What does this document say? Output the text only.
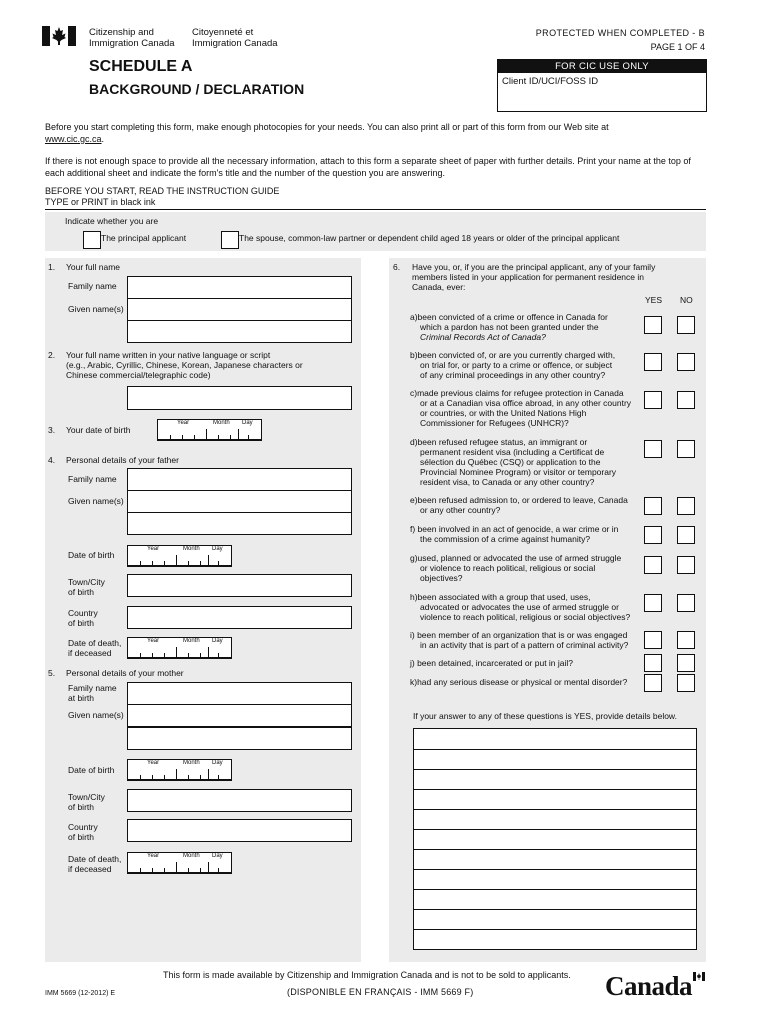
Citizenship and
Immigration Canada
Citoyenneté et
Immigration Canada
PROTECTED WHEN COMPLETED - B
PAGE 1 OF 4
SCHEDULE A
BACKGROUND / DECLARATION
FOR CIC USE ONLY
Client ID/UCI/FOSS ID
Before you start completing this form, make enough photocopies for your needs. You can also print all or part of this form from our Web site at
www.cic.gc.ca.
If there is not enough space to provide all the necessary information, attach to this form a separate sheet of paper with further details. Print your name at the top of each additional sheet and indicate the form's title and the number of the question you are answering.
BEFORE YOU START, READ THE INSTRUCTION GUIDE
TYPE or PRINT in black ink
Indicate whether you are
The principal applicant	The spouse, common-law partner or dependent child aged 18 years or older of the principal applicant
1. Your full name
Family name
Given name(s)
2. Your full name written in your native language or script
(e.g., Arabic, Cyrillic, Chinese, Korean, Japanese characters or
Chinese commercial/telegraphic code)
3. Your date of birth
Year	Month Day
4. Personal details of your father
Family name
Given name(s)
Date of birth
Year	Month Day
Town/City
of birth
Country
of birth
Date of death,
if deceased
Year	Month Day
5. Personal details of your mother
Family name
at birth
Given name(s)
Date of birth
Year	Month Day
Town/City
of birth
Country
of birth
Date of death,
if deceased
Year	Month Day
6. Have you, or, if you are the principal applicant, any of your family
members listed in your application for permanent residence in
Canada, ever:
YES NO
a)been convicted of a crime or offence in Canada for
which a pardon has not been granted under the
Criminal Records Act of Canada?
b)been convicted of, or are you currently charged with,
on trial for, or party to a crime or offence, or subject
of any criminal proceedings in any other country?
c)made previous claims for refugee protection in Canada
or at a Canadian visa office abroad, in any other country
or countries, or with the United Nations High
Commissioner for Refugees (UNHCR)?
d)been refused refugee status, an immigrant or
permanent resident visa (including a Certificat de
sélection du Québec (CSQ) or application to the
Provincial Nominee Program) or visitor or temporary
resident visa, to Canada or any other country?
e)been refused admission to, or ordered to leave, Canada
or any other country?
f) been involved in an act of genocide, a war crime or in
the commission of a crime against humanity?
g)used, planned or advocated the use of armed struggle
or violence to reach political, religious or social
objectives?
h)been associated with a group that used, uses,
advocated or advocates the use of armed struggle or
violence to reach political, religious or social objectives?
i) been member of an organization that is or was engaged
in an activity that is part of a pattern of criminal activity?
j) been detained, incarcerated or put in jail?
k)had any serious disease or physical or mental disorder?
If your answer to any of these questions is YES, provide details below.
This form is made available by Citizenship and Immigration Canada and is not to be sold to applicants.
IMM 5669 (12-2012) E	(DISPONIBLE EN FRANÇAIS - IMM 5669 F)	Canada
